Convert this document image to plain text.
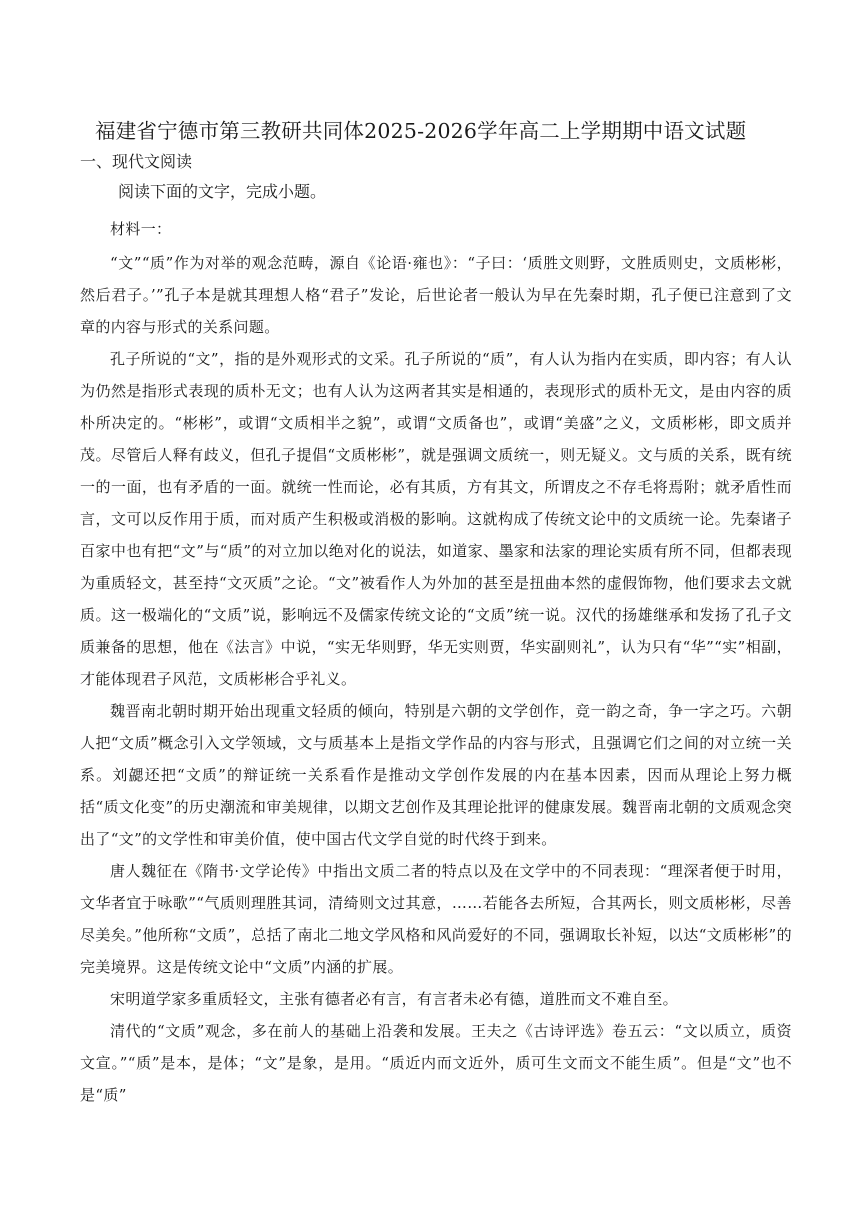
福建省宁德市第三教研共同体2025-2026学年高二上学期期中语文试题
一、现代文阅读
阅读下面的文字，完成小题。

材料一：

“文”“质”作为对举的观念范畴，源自《论语·雍也》：“子曰：‘质胜文则野，文胜质则史，文质彬彬，然后君子。’”孔子本是就其理想人格“君子”发论，后世论者一般认为早在先秦时期，孔子便已注意到了文章的内容与形式的关系问题。

孔子所说的“文”，指的是外观形式的文采。孔子所说的“质”，有人认为指内在实质，即内容；有人认为仍然是指形式表现的质朴无文；也有人认为这两者其实是相通的，表现形式的质朴无文，是由内容的质朴所决定的。“彬彬”，或谓“文质相半之貌”，或谓“文质备也”，或谓“美盛”之义，文质彬彬，即文质并茂。尽管后人释有歧义，但孔子提倡“文质彬彬”，就是强调文质统一，则无疑义。文与质的关系，既有统一的一面，也有矛盾的一面。就统一性而论，必有其质，方有其文，所谓皮之不存毛将焉附；就矛盾性而言，文可以反作用于质，而对质产生积极或消极的影响。这就构成了传统文论中的文质统一论。先秦诸子百家中也有把“文”与“质”的对立加以绝对化的说法，如道家、墨家和法家的理论实质有所不同，但都表现为重质轻文，甚至持“文灭质”之论。“文”被看作人为外加的甚至是扭曲本然的虚假饰物，他们要求去文就质。这一极端化的“文质”说，影响远不及儒家传统文论的“文质”统一说。汉代的扬雄继承和发扬了孔子文质兼备的思想，他在《法言》中说，“实无华则野，华无实则贾，华实副则礼”，认为只有“华”“实”相副，才能体现君子风范，文质彬彬合乎礼义。

魏晋南北朝时期开始出现重文轻质的倾向，特别是六朝的文学创作，竞一韵之奇，争一字之巧。六朝人把“文质”概念引入文学领域，文与质基本上是指文学作品的内容与形式，且强调它们之间的对立统一关系。刘勰还把“文质”的辩证统一关系看作是推动文学创作发展的内在基本因素，因而从理论上努力概括“质文化变”的历史潮流和审美规律，以期文艺创作及其理论批评的健康发展。魏晋南北朝的文质观念突出了“文”的文学性和审美价值，使中国古代文学自觉的时代终于到来。

唐人魏征在《隋书·文学论传》中指出文质二者的特点以及在文学中的不同表现：“理深者便于时用，文华者宜于咏歌”“气质则理胜其词，清绮则文过其意，……若能各去所短，合其两长，则文质彬彬，尽善尽美矣。”他所称“文质”，总括了南北二地文学风格和风尚爱好的不同，强调取长补短，以达“文质彬彬”的完美境界。这是传统文论中“文质”内涵的扩展。

宋明道学家多重质轻文，主张有德者必有言，有言者未必有德，道胜而文不难自至。

清代的“文质”观念，多在前人的基础上沿袭和发展。王夫之《古诗评选》卷五云：“文以质立，质资文宣。”“质”是本，是体；“文”是象，是用。“质近内而文近外，质可生文而文不能生质”。但是“文”也不是“质”
